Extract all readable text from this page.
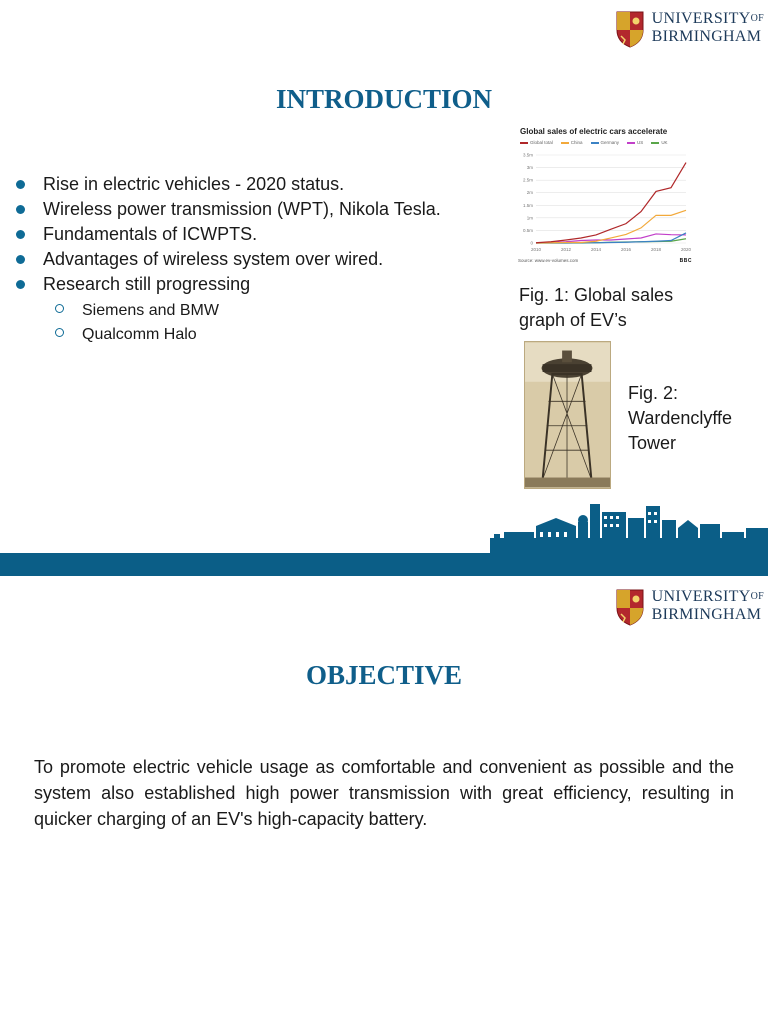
$UNIVERSITY^{OF}$
BIRMINGHAM
INTRODUCTION
Rise in electric vehicles - 2020 status.
Wireless power transmission (WPT), Nikola Tesla.
Fundamentals of ICWPTS.
Advantages of wireless system over wired.
Research still progressing
Siemens and BMW
Qualcomm Halo
Global sales of electric cars accelerate
Global total	China	Germany	US	UK
0
0.5m
1m
1.5m
2m
2.5m
3m
3.5m
2010	2012	2014	2016	2018	2020
Source: www.ev-volumes.com	BBC
Fig. 1: Global sales graph of EV’s
Fig. 2: Wardenclyffe Tower
$UNIVERSITY^{OF}$
BIRMINGHAM
OBJECTIVE
To promote electric vehicle usage as comfortable and convenient as possible and the system also established high power transmission with great efficiency, resulting in quicker charging of an EV's high-capacity battery.
